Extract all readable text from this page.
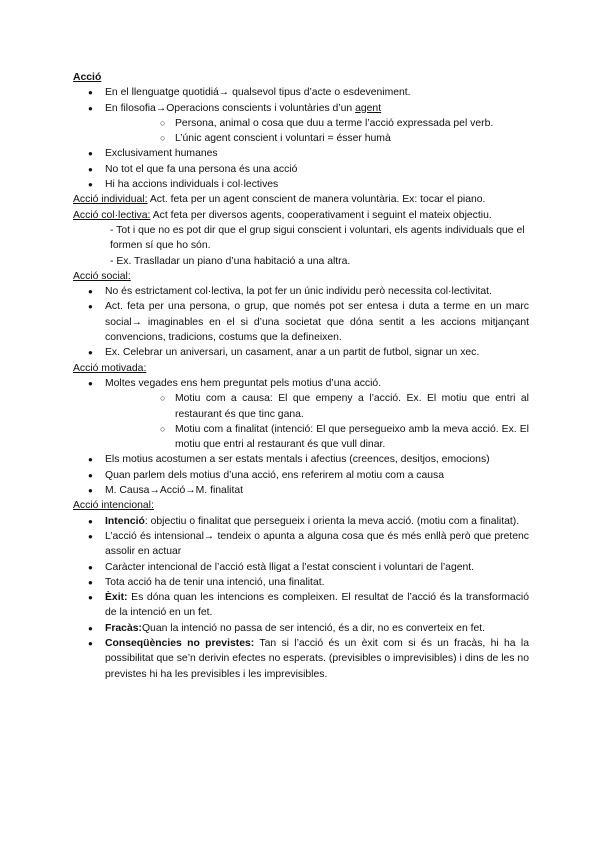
Acció
● En el llenguatge quotidiá→ qualsevol tipus d’acte o esdeveniment.
● En filosofia→Operacions conscients i voluntàries d’un agent
○ Persona, animal o cosa que duu a terme l’acció expressada pel verb.
○ L’únic agent conscient i voluntari = ésser humà
● Exclusivament humanes
● No tot el que fa una persona és una acció
● Hi ha accions individuals i col·lectives
Acció individual: Act. feta per un agent conscient de manera voluntària. Ex: tocar el piano.
Acció col·lectiva: Act feta per diversos agents, cooperativament i seguint el mateix objectiu.
- Tot i que no es pot dir que el grup sigui conscient i voluntari, els agents individuals que el formen sí que ho són.
- Ex. Traslladar un piano d’una habitació a una altra.
Acció social:
● No és estrictament col·lectiva, la pot fer un únic individu però necessita col·lectivitat.
● Act. feta per una persona, o grup, que només pot ser entesa i duta a terme en un marc social→ imaginables en el si d’una societat que dóna sentit a les accions mitjançant convencions, tradicions, costums que la defineixen.
● Ex. Celebrar un aniversari, un casament, anar a un partit de futbol, signar un xec.
Acció motivada:
● Moltes vegades ens hem preguntat pels motius d’una acció.
○ Motiu com a causa: El que empeny a l’acció. Ex. El motiu que entri al restaurant és que tinc gana.
○ Motiu com a finalitat (intenció: El que persegueixo amb la meva acció. Ex. El motiu que entri al restaurant és que vull dinar.
● Els motius acostumen a ser estats mentals i afectius (creences, desitjos, emocions)
● Quan parlem dels motius d’una acció, ens referirem al motiu com a causa
● M. Causa→Acció→M. finalitat
Acció intencional:
● Intenció: objectiu o finalitat que persegueix i orienta la meva acció. (motiu com a finalitat).
● L’acció és intensional→ tendeix o apunta a alguna cosa que és més enllà però que pretenc assolir en actuar
● Caràcter intencional de l’acció està lligat a l’estat conscient i voluntari de l’agent.
● Tota acció ha de tenir una intenció, una finalitat.
● Èxit: Es dóna quan les intencions es compleixen. El resultat de l’acció és la transformació de la intenció en un fet.
● Fracàs:Quan la intenció no passa de ser intenció, és a dir, no es converteix en fet.
● Conseqüències no previstes: Tan si l’acció és un èxit com si és un fracàs, hi ha la possibilitat que se’n derivin efectes no esperats. (previsibles o imprevisibles) i dins de les no previstes hi ha les previsibles i les imprevisibles.
